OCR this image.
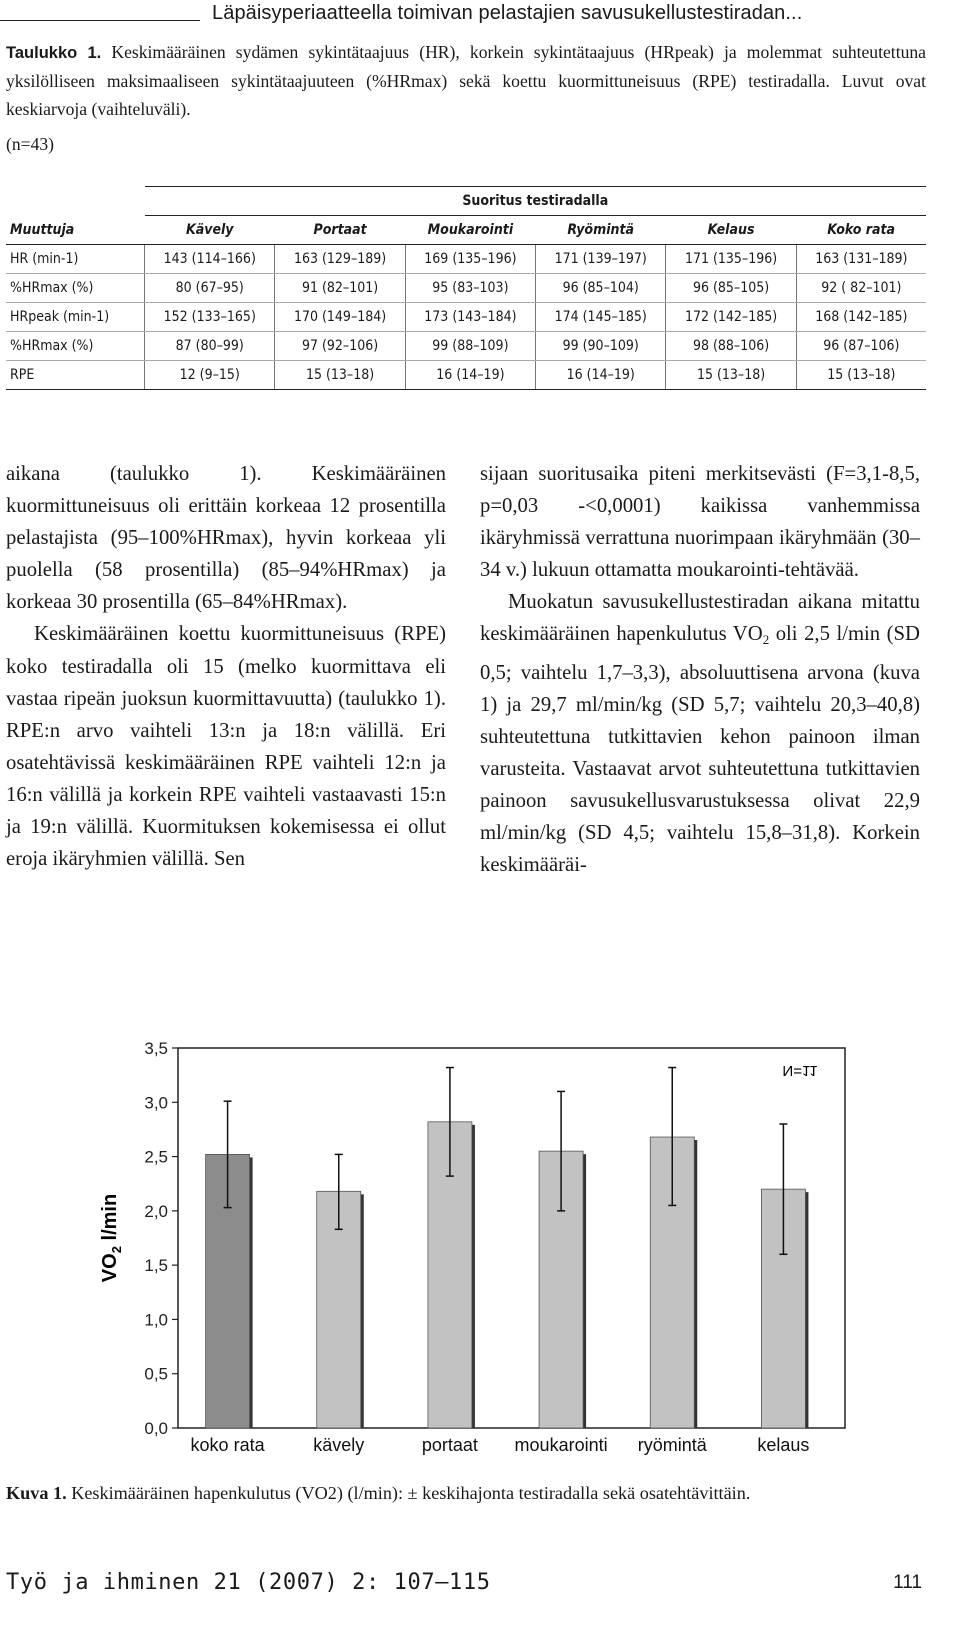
Läpäisyperiaatteella toimivan pelastajien savusukellustestiradan...
Taulukko 1. Keskimääräinen sydämen sykintätaajuus (HR), korkein sykintätaajuus (HRpeak) ja molemmat suhteutettuna yksilölliseen maksimaaliseen sykintätaajuuteen (%HRmax) sekä koettu kuormittuneisuus (RPE) testiradalla. Luvut ovat keskiarvoja (vaihteluväli).
(n=43)
	Suoritus testiradalla					
Muuttuja	Kävely	Portaat	Moukarointi	Ryömintä	Kelaus	Koko rata
HR (min-1)	143 (114–166)	163 (129–189)	169 (135–196)	171 (139–197)	171 (135–196)	163 (131–189)
%HRmax (%)	80 (67–95)	91 (82–101)	95 (83–103)	96 (85–104)	96 (85–105)	92 ( 82–101)
HRpeak (min-1)	152 (133–165)	170 (149–184)	173 (143–184)	174 (145–185)	172 (142–185)	168 (142–185)
%HRmax (%)	87 (80–99)	97 (92–106)	99 (88–109)	99 (90–109)	98 (88–106)	96 (87–106)
RPE	12 (9–15)	15 (13–18)	16 (14–19)	16 (14–19)	15 (13–18)	15 (13–18)

aikana (taulukko 1). Keskimääräinen kuormittuneisuus oli erittäin korkeaa 12 prosentilla pelastajista (95–100%HRmax), hyvin korkeaa yli puolella (58 prosentilla) (85–94%HRmax) ja korkeaa 30 prosentilla (65–84%HRmax).

Keskimääräinen koettu kuormittuneisuus (RPE) koko testiradalla oli 15 (melko kuormittava eli vastaa ripeän juoksun kuormittavuutta) (taulukko 1). RPE:n arvo vaihteli 13:n ja 18:n välillä. Eri osatehtävissä keskimääräinen RPE vaihteli 12:n ja 16:n välillä ja korkein RPE vaihteli vastaavasti 15:n ja 19:n välillä. Kuormituksen kokemisessa ei ollut eroja ikäryhmien välillä. Sen

sijaan suoritusaika piteni merkitsevästi (F=3,1-8,5, p=0,03 -<0,0001) kaikissa vanhemmissa ikäryhmissä verrattuna nuorimpaan ikäryhmään (30–34 v.) lukuun ottamatta moukarointi-tehtävää.

Muokatun savusukellustestiradan aikana mitattu keskimääräinen hapenkulutus $VO_2$ oli 2,5 l/min (SD 0,5; vaihtelu 1,7–3,3), absoluuttisena arvona (kuva 1) ja 29,7 ml/min/kg (SD 5,7; vaihtelu 20,3–40,8) suhteutettuna tutkittavien kehon painoon ilman varusteita. Vastaavat arvot suhteutettuna tutkittavien painoon savusukellusvarustuksessa olivat 22,9 ml/min/kg (SD 4,5; vaihtelu 15,8–31,8). Korkein keskimääräi-

0,0
0,5
1,0
1,5
2,0
2,5
3,0
3,5
koko rata	kävely	portaat moukarointi ryömintä	kelaus
$VO_2$ l/min
N=11
Kuva 1. Keskimääräinen hapenkulutus (VO2) (l/min): ± keskihajonta testiradalla sekä osatehtävittäin.
Työ ja ihminen 21 (2007) 2: 107—115	111
